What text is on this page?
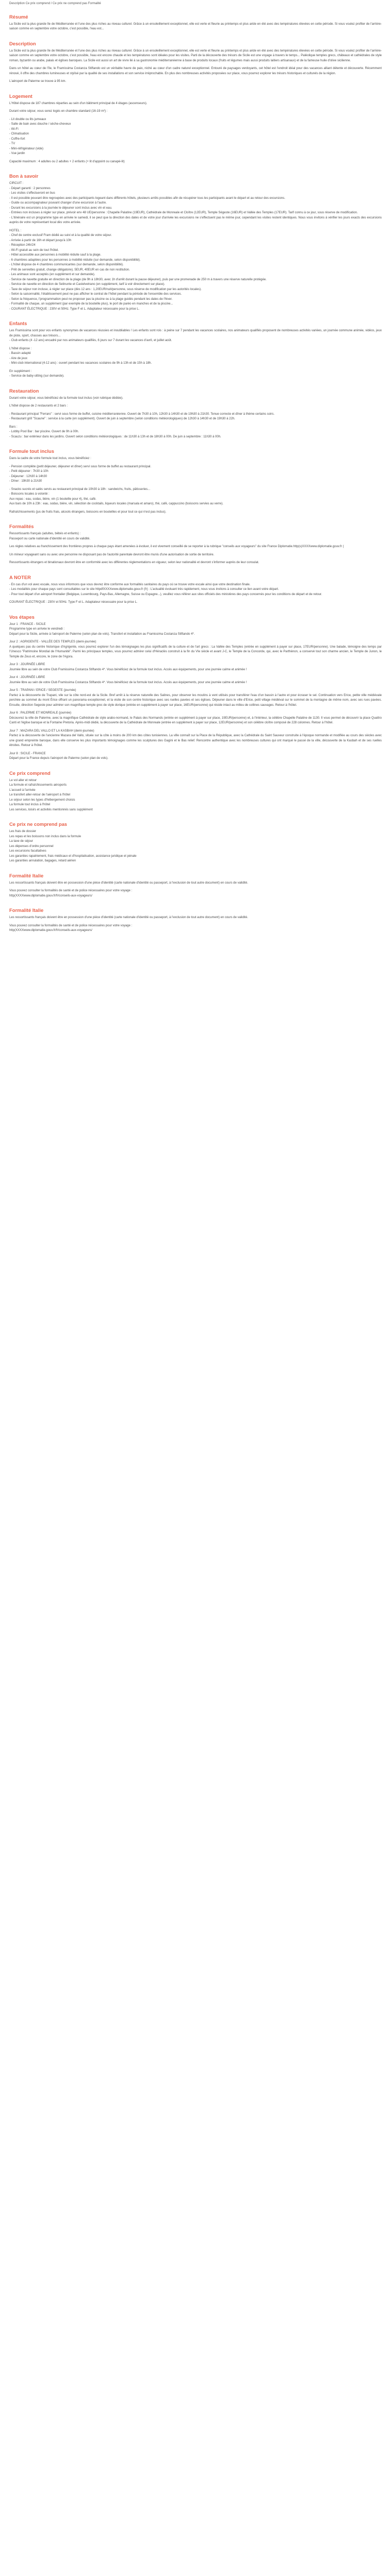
Description Ce prix comprend / Ce prix ne comprend pas Formalité
Résumé

La Sicile est la plus grande île de Méditerranée et l'une des plus riches au niveau culturel. Grâce à un ensoleillement exceptionnel, elle est verte et fleurie au printemps et plus aride en été avec des températures élevées en cette période. Si vous voulez profiter de l'arrière-saison comme en septembre votre octobre, c'est possible, l'eau est...

Description

La Sicile est la plus grande île de Méditerranée et l'une des plus riches au niveau culturel. Grâce à un ensoleillement exceptionnel, elle est verte et fleurie au printemps et plus aride en été avec des températures élevées en cette période. Si vous voulez profiter de l'arrière-saison comme en septembre votre octobre, c'est possible, l'eau est encore chaude et les températures sont idéales pour les visites. Parti de la découverte des trésors de Sicile est une voyage à travers le temps... Paléolique temples grecs, châteaux et cathédrales de style roman, byzantin ou arabe, palais et églises baroques. La Sicile est aussi un art de vivre lié à sa gastronomie méditerranéenne à base de produits locaux (fruits et légumes mais aussi produits laitiers artisanaux) et de la fameuse huile d'olive sicilienne.

Dans un hôtel au cœur de l'île, le Framissima Costanza Stiftando est un véritable havre de paix, niché au cœur d'un cadre naturel exceptionnel. Entouré de paysages verdoyants, cet hôtel est l'endroit idéal pour des vacances alliant détente et découverte. Récemment rénové, il offre des chambres lumineuses et stylisé par la qualité de ses installations et son service irréprochable. En plus des nombreuses activités proposées sur place, vous pourrez explorer les trésors historiques et culturels de la région.

L'aéroport de Palerme se trouve à 95 km.

Logement

L'Hôtel dispose de 187 chambres réparties au sein d'un bâtiment principal de 4 étages (ascenseurs).

Durant votre séjour, vous serez logés en chambre standard (16-19 m²) :

- Lit double ou lits jumeaux
- Salle de bain avec douche / sèche-cheveux
- Wi-Fi
- Climatisation
- Coffre-fort
- TV
- Mini-réfrigérateur (vide)
- Vue jardin

Capacité maximum : 4 adultes ou 2 adultes + 2 enfants (+ lit d'appoint ou canapé-lit)

Bon à savoir

CIRCUIT :
- Départ garanti : 2 personnes
- Les visites s'effectueront en bus
- Il est possible pouvant être regroupées avec des participants logeant dans différents hôtels, plusieurs arrêts possibles afin de récupérer tous les participants avant le départ et au retour des excursions.
- Guide ou accompagnateur pouvant changer d'une excursion à l'autre.
- Durant les excursions à la journée le déjeuner sont inclus avec vin et eau.
- Entrées non incluses à régler sur place, prévoir env 48 UE/personne : Chapelle Palatine (19EUR), Cathédrale de Monreale et Cloître (12EUR), Temple Ségeste (16EUR) et Vallée des Temples (17EUR). Tarif connu à ce jour, sous réserve de modification.
- L'itinéraire est un programme type en arrivée le samedi, il se peut que la direction des dates et de votre jour d'arrivée les excursions ne s'effectuent pas le même jour, cependant les visites restent identiques. Nous vous invitons à vérifier les jours exacts des excursions auprès de votre représentant local dès votre arrivée.

HOTEL :
- Chef de centre exclusif Fram dédié au suivi et à la qualité de votre séjour.
- Arrivée à partir de 16h et départ jusqu'à 10h
- Réception 24h/24
- Wi-Fi gratuit au sein de tout l'hôtel.
- Hôtel accessible aux personnes à mobilité réduite sauf à la plage.
- 6 chambres adaptées pour les personnes à mobilité réduite (sur demande, selon disponibilité).
- L'hôtel dispose de 4 chambres communicantes (sur demande, selon disponibilité).
- Prêt de serviettes gratuit, change obligatoire). 5EUR, 40EUR en cas de non restitution.
- Les animaux sont acceptés (en supplément et sur demande).
- Service de navette gratuite en direction de la plage (de 9h à 18h30, avec 1h d'arrêt durant la pause déjeuner), puis par une promenade de 250 m à travers une réserve naturelle protégée.
- Service de navette en direction de Selinunte et Castelvetrano (en supplément, tarif à voir directement sur place).
- Taxe de séjour non incluse, à régler sur place (dès 12 ans : 1,20EUR/nuit/personne, sous réserve de modification par les autorités locales).
- Selon la saisonnalité, l'établissement peut ne pas afficher le contrat de l'hôtel pendant la période de l'ensemble des services.
- Selon la fréquence, l'programmation peut ne proposer pas la piscine ou à la plage guidés pendant les dates de l'hiver.
- Formalité de chaque, un supplément (par exemple de la bouteille plus), le port de paréo en manches et de la piscine...
- COURANT ÉLECTRIQUE : 230V et 50Hz. Type F et L. Adaptateur nécessaire pour la prise L.

Enfants

Les Framissima sont pour vos enfants synonymes de vacances réussies et inoubliables ! Les enfants sont rois : à peine sur 7 pendant les vacances scolaires, nos animateurs qualifiés proposent de nombreuses activités variées, un journée commune animée, vidéos, jeux de piste, sport, chasses aux trésors...
- Club enfants (4 -12 ans) encadré par nos animateurs qualifiés, 6 jours sur 7 durant les vacances d'avril, et juillet août.

L'hôtel dispose :
- Bassin adapté
- Aire de jeux
- Mini-club international (4-12 ans) : ouvert pendant les vacances scolaires de 9h à 13h et de 15h à 18h.

En supplément :
- Service de baby-sitting (sur demande).

Restauration

Durant votre séjour, vous bénéficiez de la formule tout inclus (voir rubrique dédiée).

L'hôtel dispose de 2 restaurants et 2 bars :

- Restaurant principal "Ferraro" : servi sous forme de buffet, cuisine méditerranéenne. Ouvert de 7h30 à 10h, 12h30 à 14h30 et de 19h30 à 21h30. Tenue correcte et dîner à thème certains soirs.
- Restaurant grill "Scaune" : service à la carte (en supplément). Ouvert de juin à septembre (selon conditions météorologiques) de 12h30 à 14h30 et de 19h30 à 22h.

Bars :
- Lobby Pool Bar : bar piscine. Ouvert de 9h à 00h.
- Scauzu : bar extérieur dans les jardins. Ouvert selon conditions météorologiques : de 11h30 à 13h et de 18h30 à 00h. De juin à septembre : 11h30 à 00h.

Formule tout inclus

Dans la cadre de votre formule tout inclus, vous bénéficiez :

- Pension complète (petit déjeuner, déjeuner et dîner) servi sous forme de buffet au restaurant principal.
- Petit déjeuner : 7h30 à 10h
- Déjeuner : 12h30 à 14h30
- Dîner : 19h30 à 21h30

- Snacks sucrés et salés servis au restaurant principal de 10h30 à 18h : sandwichs, fruits, pâtisseries...
- Boissons locales à volonté :
Aux repas : eau, sodas, bière, vin (1 bouteille pour 4), thé, café.
Aux bars de 10h à 23h : eau, sodas, bière, vin, sélection de cocktails, liqueurs locales (marsala et amaro), thé, café, cappuccino (boissons servies au verre).

Rafraîchissements (jus de fruits frais, alcools étrangers, boissons en bouteilles et pour tout ce qui n'est pas inclus).

Formalités

Ressortissants français (adultes, bébés et enfants) :
Passeport ou carte nationale d'identité en cours de validité.

Les règles relatives au franchissement des frontières propres à chaque pays étant amenées à évoluer, il est vivement conseillé de se reporter à la rubrique "conseils aux voyageurs" du site France Diplomatie.http(s)XXXXwww.diplomatie.gouv.fr (

Un mineur voyageant sans ou avec une personne ne disposant pas de l'autorité parentale devront être munis d'une autorisation de sortie de territoire.

Ressortissants étrangers et binationaux devront être en conformité avec les différentes réglementations en vigueur, selon leur nationalité et devront s'informer auprès de leur consulat.

A NOTER

- En cas d'un vol avec escale, nous vous informons que vous devrez être conforme aux formalités sanitaires du pays où se trouve votre escale ainsi que votre destination finale.
- Les modalités pour chaque pays sont consultables sur le site httpdfXXXXwww.diplomatie.gouv.fr (fr) : L'actualité évoluant très rapidement, nous vous invitons à consulter ce lien avant votre départ.
- Pour tout départ d'un aéroport frontalier (Belgique, Luxembourg, Pays-Bas, Allemagne, Suisse ou Espagne...), veuillez vous référer aux sites officiels des ministères des pays concernés pour les conditions de départ et de retour.

COURANT ÉLECTRIQUE : 230V et 50Hz. Type F et L. Adaptateur nécessaire pour la prise L.

Vos étapes

Jour 1 : FRANCE - SICILE
Programme type en arrivée le vendredi :
Départ pour la Sicile, arrivée à l'aéroport de Palerme (selon plan de vols). Transfert et installation au Framissima Costanza Stiftando 4*.

Jour 2 : AGRIGENTE - VALLÉE DES TEMPLES (demi-journée)
A quelques pas du centre historique d'Agrigente, vous pourrez explorer l'un des témoignages les plus significatifs de la culture et de l'art grecs : La Vallée des Temples (entrée en supplément à payer sur place, 17EUR/personne). Une balade, témoigne des temps par l'Unesco "Patrimoine Mondial de l'Humanité". Parmi les principaux temples, vous pourrez admirer celui d'Héraclès construit à la fin du VIe siècle et avant J-C, le Temple de la Concorde, qui, avec le Parthénon, a conservé tout son charme ancien, le Temple de Junon, le Temple de Zeus et, encore, le zone de l'Agora.

Jour 3 : JOURNÉE LIBRE
Journée libre au sein de votre Club Framissima Costanza Stiftando 4*. Vous bénéficiez de la formule tout inclus. Accès aux équipements, pour une journée calme et animée !

Jour 4 : JOURNÉE LIBRE
Journée libre au sein de votre Club Framissima Costanza Stiftando 4*. Vous bénéficiez de la formule tout inclus. Accès aux équipements, pour une journée calme et animée !

Jour 5 : TRAPANI / ERICE / SEGESTE (journée)
Partez à la découverte de Trapani, vile sur la côte nord-est de la Sicile. Bref arrêt à la réserve naturelle des Salines, pour observer les moulins à vent utilisés pour transférer l'eau d'un bassin à l'autre et pour écraser le sel. Continuation vers Erice, petite ville médiévale perchée au sommet du mont Érice offrant un panorama exceptionnel, et la visite de son centre historique avec ses ruelles pavées et ses églises. Déjeuner dans le ville d'Erice, petit village médiéval sur le sommet de la montagne de même nom, avec ses rues pavées. Ensuite, direction Segeste pour admirer son magnifique temple grec de style dorique (entrée en supplément à payer sur place, 16EUR/personne) qui réside intact au milieu de collines sauvages. Retour à l'hôtel.

Jour 6 : PALERME ET MONREALE (journée)
Découvrez la ville de Palerme, avec la magnifique Cathédrale de style arabo-normand, le Palais des Normands (entrée en supplément à payer sur place, 19EUR/personne) et, à l'intérieur, la célèbre Chapelle Palatine de 1130. Il vous permet de découvrir la place Quattro Canti et l'église baroque et la Fontaine Pretoria. Après-midi dédié, la découverte de la Cathédrale de Monreale (entrée en supplément à payer sur place, 12EUR/personne) et son célèbre cloître composé de 228 colonnes. Retour à l'hôtel.

Jour 7 : MAZARA DEL VALLO ET LA KASBAH (demi-journée)
Partez à la découverte de l'ancienne Mazara del Vallo, située sur la côte à moins de 200 km des côtes tunisiennes. La ville connaît sur la Place de la République, avec la Cathédrale du Saint Sauveur construite à l'époque normande et modifiée au cours des siècles avec une grand empreinte baroque, dans elle conserve les plus importants témoignages comme les sculptures des Gagini et le Bas relief. Rencontre authentique avec les nombreuses cultures qui ont marqué le passé de la ville, découverte de la Kasbah et de ses ruelles étroites. Retour à l'hôtel.

Jour 8 : SICILE - FRANCE
Départ pour la France depuis l'aéroport de Palerme (selon plan de vols).

Ce prix comprend

Le vol aller et retour
La formule et rafraîchissements aéroports
L'accueil à l'arrivée
Le transfert aller-retour de l'aéroport à l'hôtel
Le séjour selon les types d'hébergement choisis
La formule tout inclus à l'hôtel
Les services, loisirs et activités mentionnés sans supplément

Ce prix ne comprend pas

Les frais de dossier
Les repas et les boissons non inclus dans la formule
La taxe de séjour
Les dépenses d'ordre personnel
Les excursions facultatives
Les garanties rapatriement, frais médicaux et d'hospitalisation, assistance juridique et pénale
Les garanties annulation, bagages, retard aérien

Formalité Italie

Les ressortissants français doivent être en possession d'une pièce d'identité (carte nationale d'identité ou passeport, à l'exclusion de tout autre document) en cours de validité.

Vous pouvez consulter la formalités de santé et de police nécessaires pour votre voyage :
http(XXXXwww.diplomatie.gouv.fr/fr/conseils-aux-voyageurs/

Formalité Italie

Les ressortissants français doivent être en possession d'une pièce d'identité (carte nationale d'identité ou passeport, à l'exclusion de tout autre document) en cours de validité.

Vous pouvez consulter la formalités de santé et de police nécessaires pour votre voyage :
http(XXXXwww.diplomatie.gouv.fr/fr/conseils-aux-voyageurs/
